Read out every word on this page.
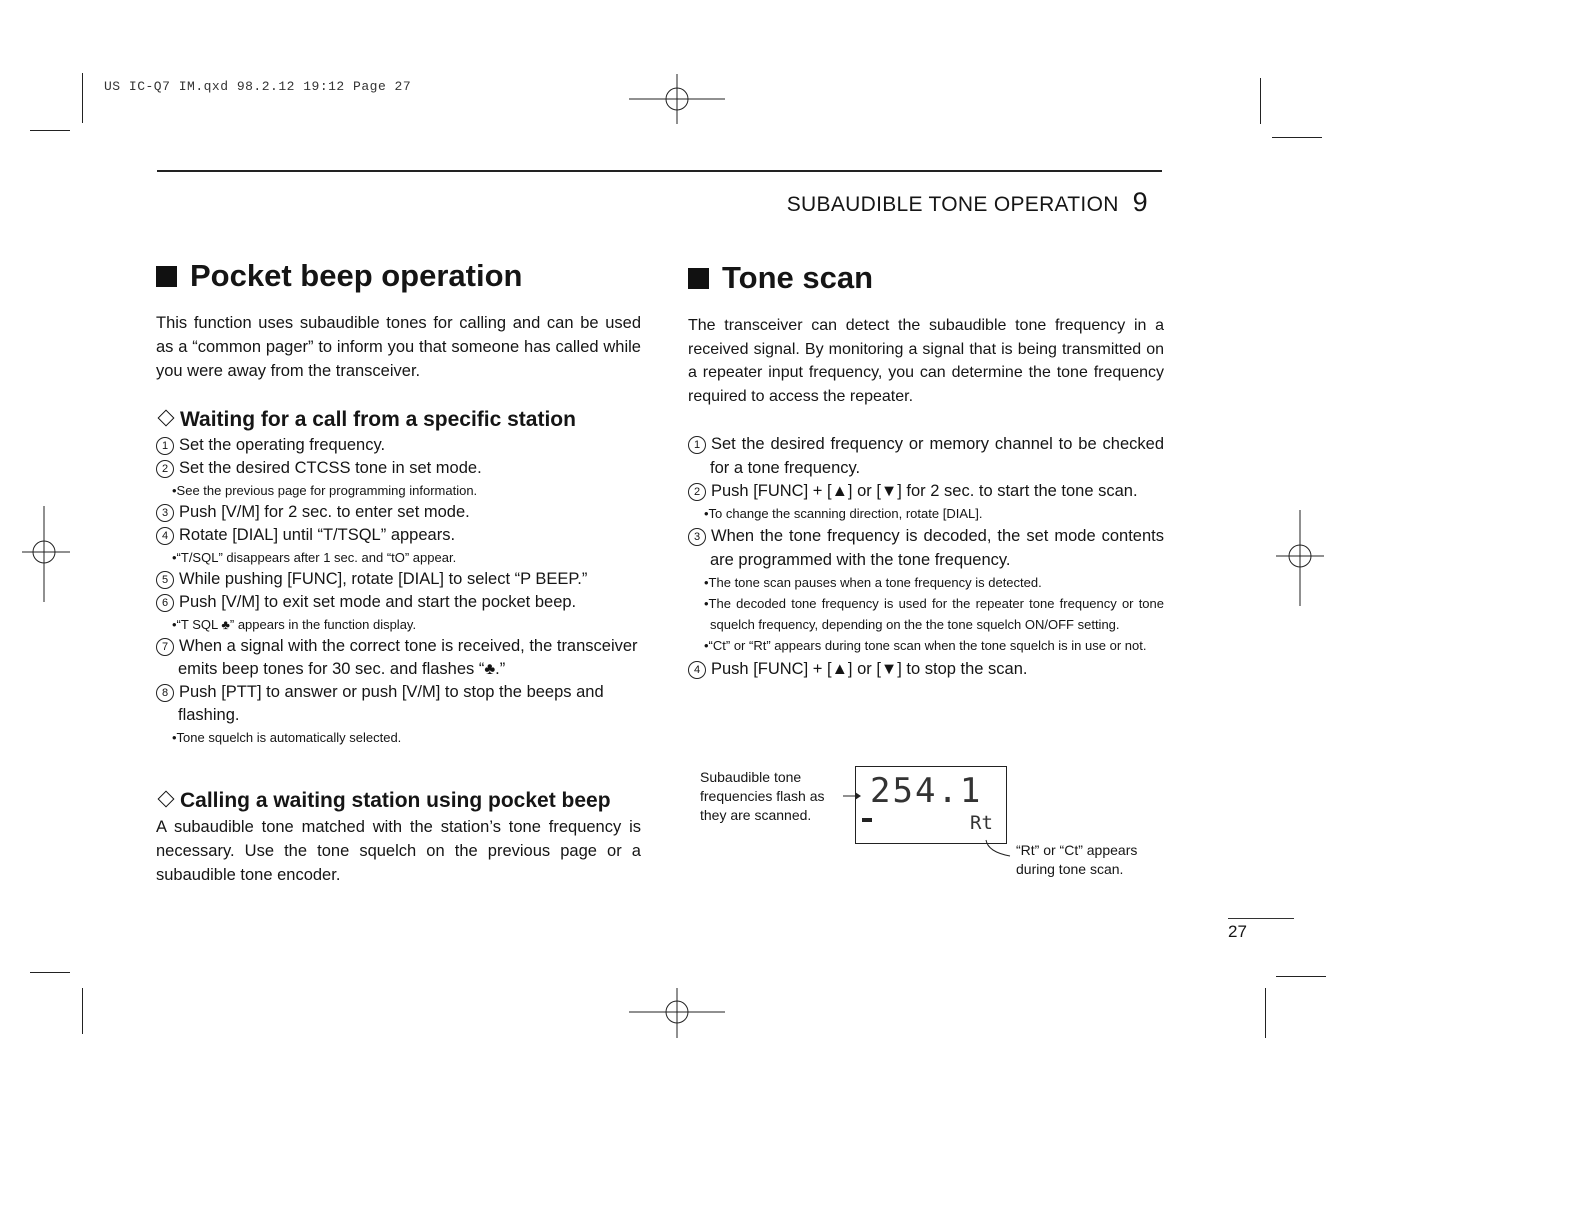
US IC-Q7 IM.qxd 98.2.12 19:12 Page 27
SUBAUDIBLE TONE OPERATION 9
Pocket beep operation
This function uses subaudible tones for calling and can be used as a “common pager” to inform you that someone has called while you were away from the transceiver.
Waiting for a call from a specific station
1 Set the operating frequency.
2 Set the desired CTCSS tone in set mode.
•See the previous page for programming information.
3 Push [V/M] for 2 sec. to enter set mode.
4 Rotate [DIAL] until “T/TSQL” appears.
•“T/SQL” disappears after 1 sec. and “tO” appear.
5 While pushing [FUNC], rotate [DIAL] to select “P BEEP.”
6 Push [V/M] to exit set mode and start the pocket beep.
•“T SQL ♣” appears in the function display.
7 When a signal with the correct tone is received, the transceiver emits beep tones for 30 sec. and flashes “♣.”
8 Push [PTT] to answer or push [V/M] to stop the beeps and flashing.
•Tone squelch is automatically selected.
Calling a waiting station using pocket beep
A subaudible tone matched with the station’s tone frequency is necessary. Use the tone squelch on the previous page or a subaudible tone encoder.
Tone scan
The transceiver can detect the subaudible tone frequency in a received signal. By monitoring a signal that is being transmitted on a repeater input frequency, you can determine the tone frequency required to access the repeater.
1 Set the desired frequency or memory channel to be checked for a tone frequency.
2 Push [FUNC] + [▲] or [▼] for 2 sec. to start the tone scan.
•To change the scanning direction, rotate [DIAL].
3 When the tone frequency is decoded, the set mode contents are programmed with the tone frequency.
•The tone scan pauses when a tone frequency is detected.
•The decoded tone frequency is used for the repeater tone frequency or tone squelch frequency, depending on the the tone squelch ON/OFF setting.
•“Ct” or “Rt” appears during tone scan when the tone squelch is in use or not.
4 Push [FUNC] + [▲] or [▼] to stop the scan.
Subaudible tone frequencies flash as they are scanned.
254.1
Rt
“Rt” or “Ct” appears during tone scan.
27
